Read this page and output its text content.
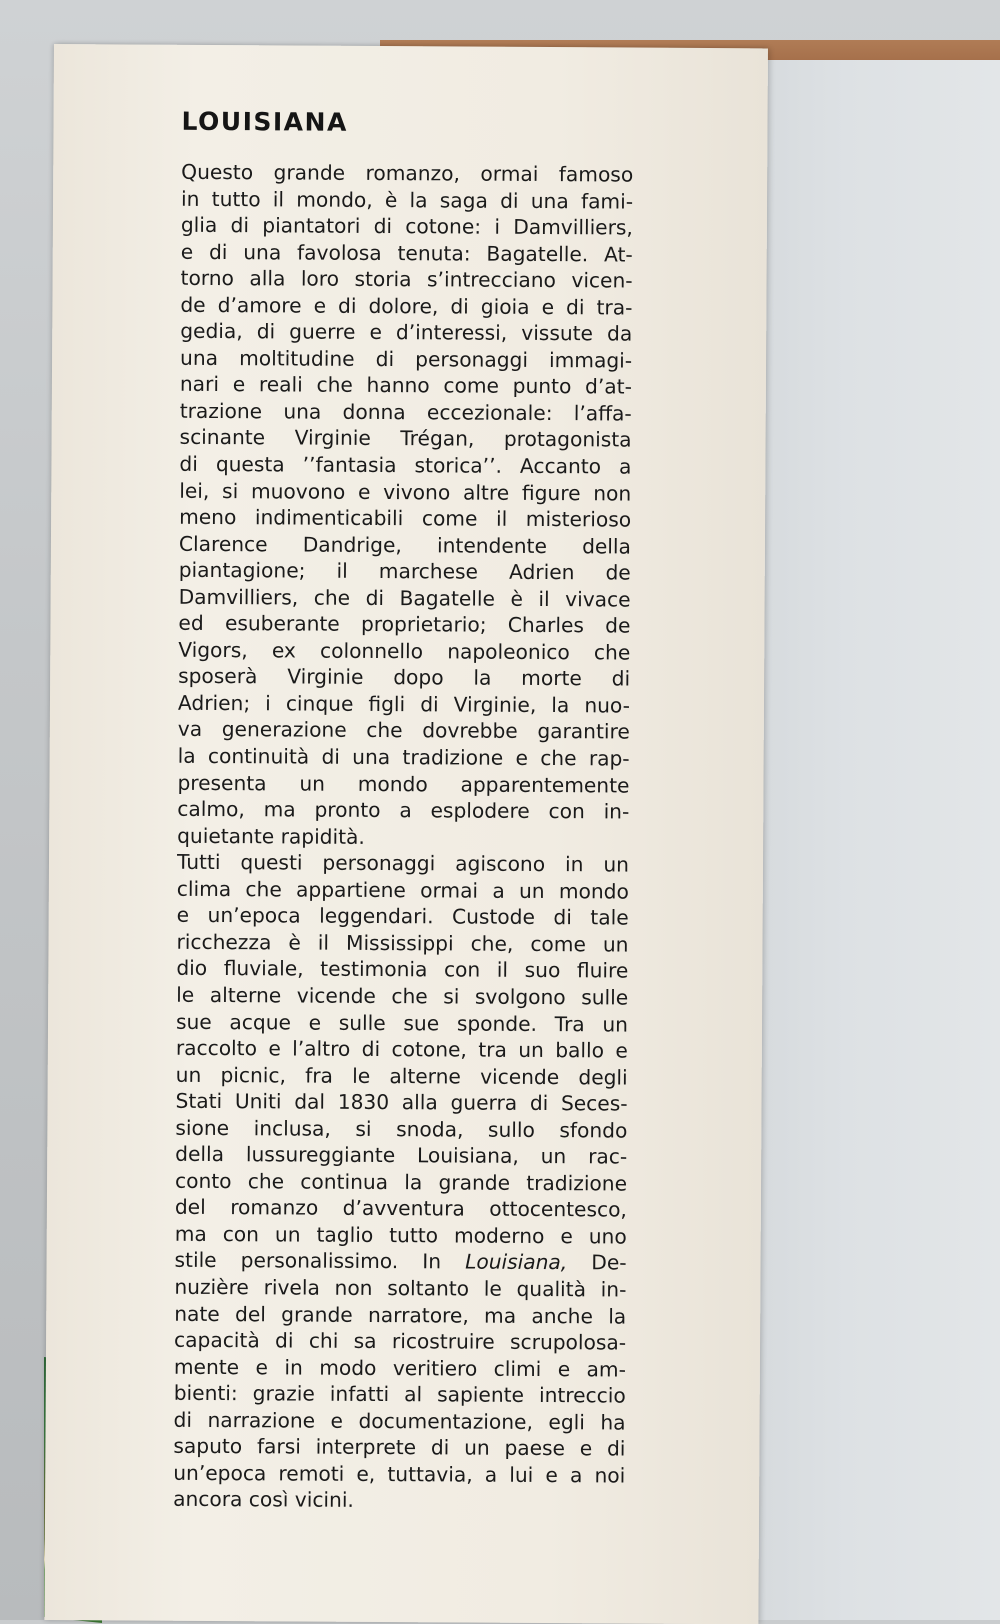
LOUISIANA
Questo grande romanzo, ormai famoso
in tutto il mondo, è la saga di una fami-
glia di piantatori di cotone: i Damvilliers,
e di una favolosa tenuta: Bagatelle. At-
torno alla loro storia s’intrecciano vicen-
de d’amore e di dolore, di gioia e di tra-
gedia, di guerre e d’interessi, vissute da
una moltitudine di personaggi immagi-
nari e reali che hanno come punto d’at-
trazione una donna eccezionale: l’affa-
scinante Virginie Trégan, protagonista
di questa ’’fantasia storica’’. Accanto a
lei, si muovono e vivono altre figure non
meno indimenticabili come il misterioso
Clarence Dandrige, intendente della
piantagione; il marchese Adrien de
Damvilliers, che di Bagatelle è il vivace
ed esuberante proprietario; Charles de
Vigors, ex colonnello napoleonico che
sposerà Virginie dopo la morte di
Adrien; i cinque figli di Virginie, la nuo-
va generazione che dovrebbe garantire
la continuità di una tradizione e che rap-
presenta un mondo apparentemente
calmo, ma pronto a esplodere con in-
quietante rapidità.
Tutti questi personaggi agiscono in un
clima che appartiene ormai a un mondo
e un’epoca leggendari. Custode di tale
ricchezza è il Mississippi che, come un
dio fluviale, testimonia con il suo fluire
le alterne vicende che si svolgono sulle
sue acque e sulle sue sponde. Tra un
raccolto e l’altro di cotone, tra un ballo e
un picnic, fra le alterne vicende degli
Stati Uniti dal 1830 alla guerra di Seces-
sione inclusa, si snoda, sullo sfondo
della lussureggiante Louisiana, un rac-
conto che continua la grande tradizione
del romanzo d’avventura ottocentesco,
ma con un taglio tutto moderno e uno
stile personalissimo. In Louisiana, De-
nuzière rivela non soltanto le qualità in-
nate del grande narratore, ma anche la
capacità di chi sa ricostruire scrupolosa-
mente e in modo veritiero climi e am-
bienti: grazie infatti al sapiente intreccio
di narrazione e documentazione, egli ha
saputo farsi interprete di un paese e di
un’epoca remoti e, tuttavia, a lui e a noi
ancora così vicini.
